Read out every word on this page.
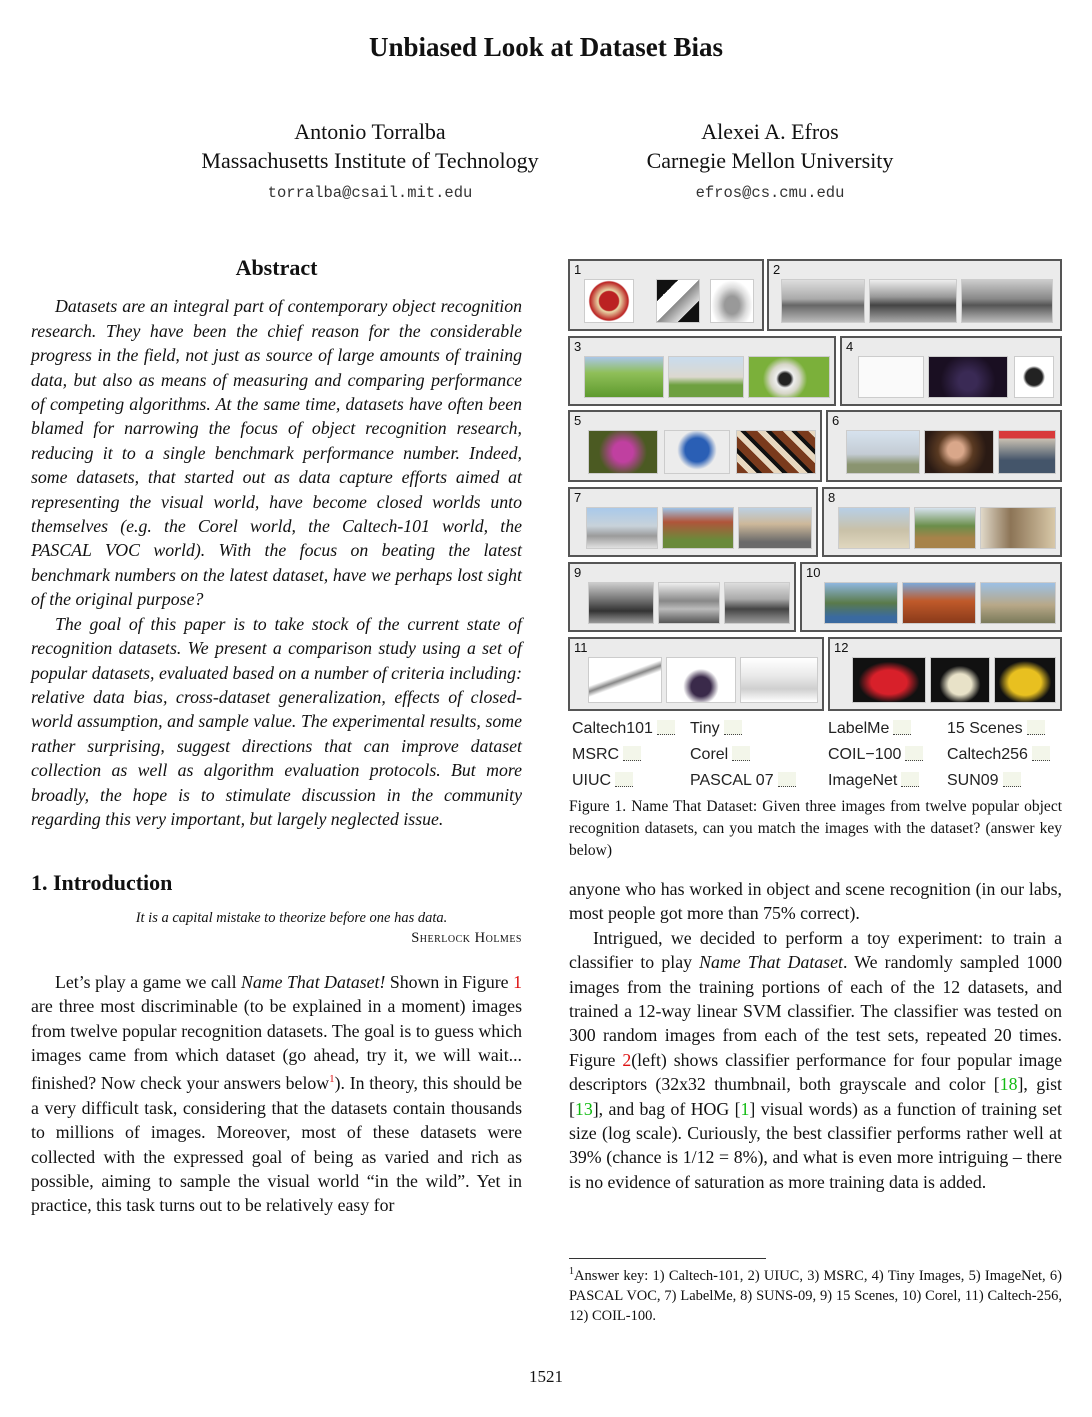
Unbiased Look at Dataset Bias
Antonio Torralba
Massachusetts Institute of Technology
torralba@csail.mit.edu
Alexei A. Efros
Carnegie Mellon University
efros@cs.cmu.edu
Abstract

Datasets are an integral part of contemporary object recognition research. They have been the chief reason for the considerable progress in the field, not just as source of large amounts of training data, but also as means of measuring and comparing performance of competing algorithms. At the same time, datasets have often been blamed for narrowing the focus of object recognition research, reducing it to a single benchmark performance number. Indeed, some datasets, that started out as data capture efforts aimed at representing the visual world, have become closed worlds unto themselves (e.g. the Corel world, the Caltech-101 world, the PASCAL VOC world). With the focus on beating the latest benchmark numbers on the latest dataset, have we perhaps lost sight of the original purpose?

The goal of this paper is to take stock of the current state of recognition datasets. We present a comparison study using a set of popular datasets, evaluated based on a number of criteria including: relative data bias, cross-dataset generalization, effects of closed-world assumption, and sample value. The experimental results, some rather surprising, suggest directions that can improve dataset collection as well as algorithm evaluation protocols. But more broadly, the hope is to stimulate discussion in the community regarding this very important, but largely neglected issue.

1. Introduction
It is a capital mistake to theorize before one has data.
Sherlock Holmes

Let’s play a game we call Name That Dataset! Shown in Figure 1 are three most discriminable (to be explained in a moment) images from twelve popular recognition datasets. The goal is to guess which images came from which dataset (go ahead, try it, we will wait... finished? Now check your answers below$^1$). In theory, this should be a very difficult task, considering that the datasets contain thousands to millions of images. Moreover, most of these datasets were collected with the expressed goal of being as varied and rich as possible, aiming to sample the visual world “in the wild”. Yet in practice, this task turns out to be relatively easy for

1	2
3	4
5	6
7	8
9	10
11	12
Caltech101	Tiny	LabelMe	15 Scenes
MSRC	Corel	COIL−100	Caltech256
UIUC	PASCAL 07	ImageNet	SUN09
Figure 1. Name That Dataset: Given three images from twelve popular object recognition datasets, can you match the images with the dataset? (answer key below)

anyone who has worked in object and scene recognition (in our labs, most people got more than 75% correct).

Intrigued, we decided to perform a toy experiment: to train a classifier to play Name That Dataset. We randomly sampled 1000 images from the training portions of each of the 12 datasets, and trained a 12-way linear SVM classifier. The classifier was tested on 300 random images from each of the test sets, repeated 20 times. Figure 2(left) shows classifier performance for four popular image descriptors (32x32 thumbnail, both grayscale and color [18], gist [13], and bag of HOG [1] visual words) as a function of training set size (log scale). Curiously, the best classifier performs rather well at 39% (chance is 1/12 = 8%), and what is even more intriguing – there is no evidence of saturation as more training data is added.

$^1$Answer key: 1) Caltech-101, 2) UIUC, 3) MSRC, 4) Tiny Images, 5) ImageNet, 6) PASCAL VOC, 7) LabelMe, 8) SUNS-09, 9) 15 Scenes, 10) Corel, 11) Caltech-256, 12) COIL-100.
1521
